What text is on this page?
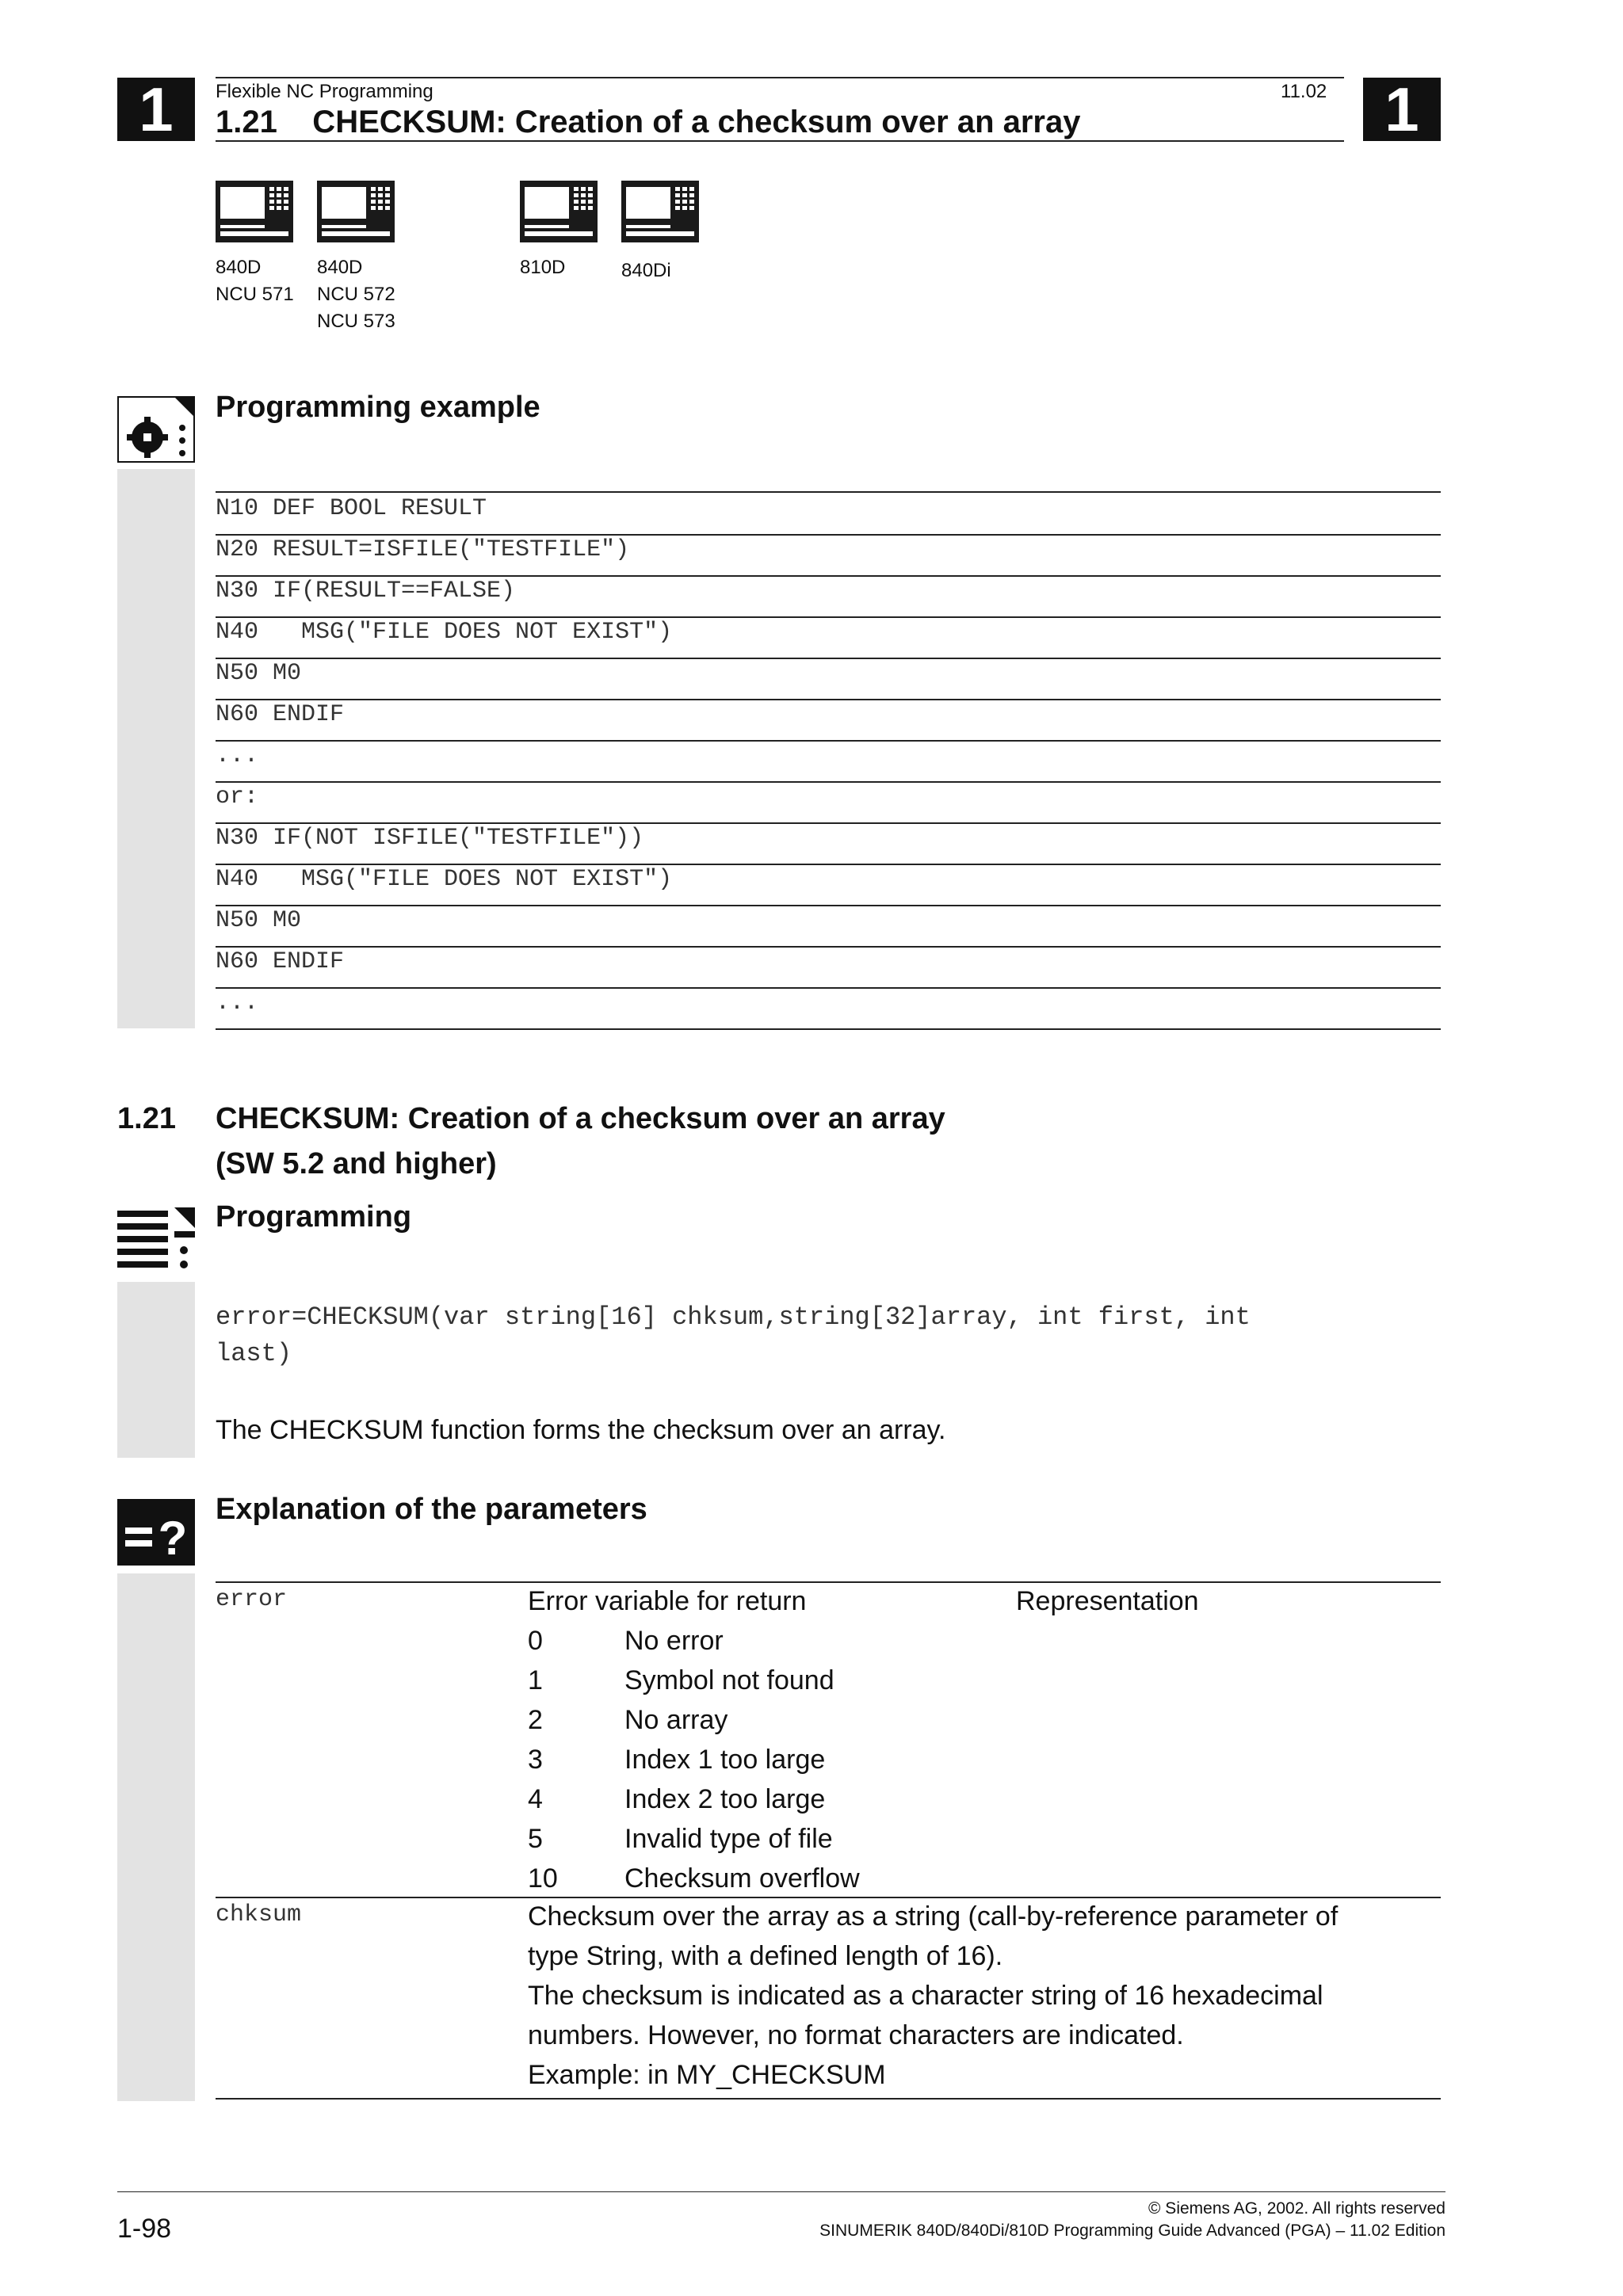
1	1
Flexible NC Programming	11.02
1.21    CHECKSUM: Creation of a checksum over an array
840D
NCU 571
840D
NCU 572
NCU 573
810D	840Di
Programming example
N10 DEF BOOL RESULT
N20 RESULT=ISFILE("TESTFILE")
N30 IF(RESULT==FALSE)
N40   MSG("FILE DOES NOT EXIST")
N50 M0
N60 ENDIF
...
or:
N30 IF(NOT ISFILE("TESTFILE"))
N40   MSG("FILE DOES NOT EXIST")
N50 M0
N60 ENDIF
...
1.21 CHECKSUM: Creation of a checksum over an array
(SW 5.2 and higher)
Programming
error=CHECKSUM(var string[16] chksum,string[32]array, int first, int
last)
The CHECKSUM function forms the checksum over an array.
?
Explanation of the parameters
error	Error variable for return	Representation
0	No error
1	Symbol not found
2	No array
3	Index 1 too large
4	Index 2 too large
5	Invalid type of file
10 Checksum overflow
chksum	Checksum over the array as a string (call-by-reference parameter of
type String, with a defined length of 16).
The checksum is indicated as a character string of 16 hexadecimal
numbers. However, no format characters are indicated.
Example: in MY_CHECKSUM
1-98
© Siemens AG, 2002. All rights reserved
SINUMERIK 840D/840Di/810D Programming Guide Advanced (PGA) – 11.02 Edition
